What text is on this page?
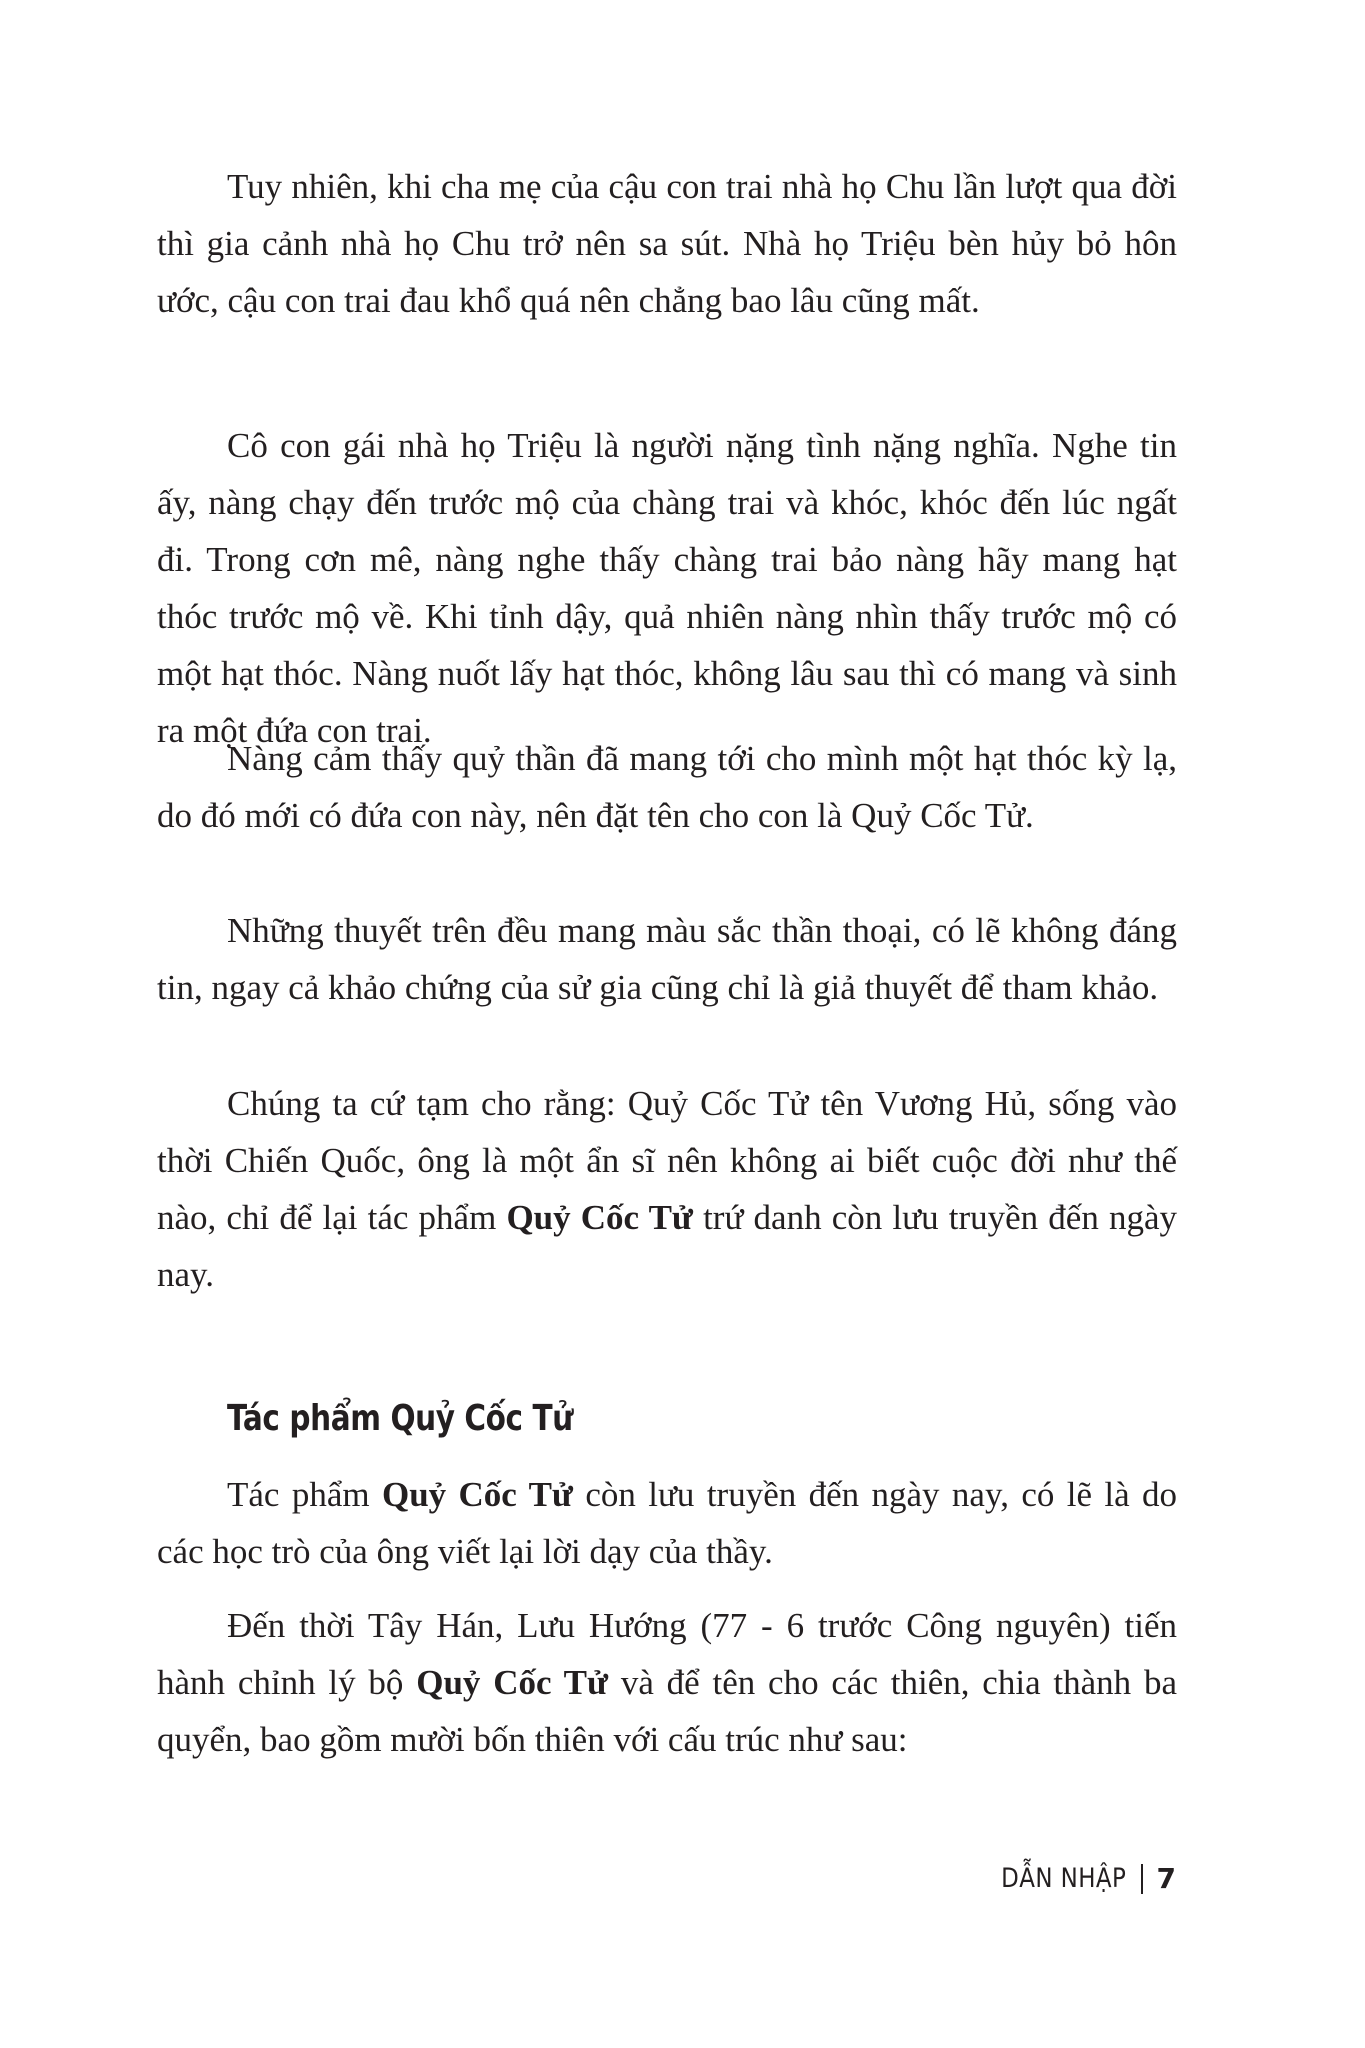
Tuy nhiên, khi cha mẹ của cậu con trai nhà họ Chu lần lượt qua đời thì gia cảnh nhà họ Chu trở nên sa sút. Nhà họ Triệu bèn hủy bỏ hôn ước, cậu con trai đau khổ quá nên chẳng bao lâu cũng mất.

Cô con gái nhà họ Triệu là người nặng tình nặng nghĩa. Nghe tin ấy, nàng chạy đến trước mộ của chàng trai và khóc, khóc đến lúc ngất đi. Trong cơn mê, nàng nghe thấy chàng trai bảo nàng hãy mang hạt thóc trước mộ về. Khi tỉnh dậy, quả nhiên nàng nhìn thấy trước mộ có một hạt thóc. Nàng nuốt lấy hạt thóc, không lâu sau thì có mang và sinh ra một đứa con trai.

Nàng cảm thấy quỷ thần đã mang tới cho mình một hạt thóc kỳ lạ, do đó mới có đứa con này, nên đặt tên cho con là Quỷ Cốc Tử.

Những thuyết trên đều mang màu sắc thần thoại, có lẽ không đáng tin, ngay cả khảo chứng của sử gia cũng chỉ là giả thuyết để tham khảo.

Chúng ta cứ tạm cho rằng: Quỷ Cốc Tử tên Vương Hủ, sống vào thời Chiến Quốc, ông là một ẩn sĩ nên không ai biết cuộc đời như thế nào, chỉ để lại tác phẩm Quỷ Cốc Tử trứ danh còn lưu truyền đến ngày nay.

Tác phẩm Quỷ Cốc Tử

Tác phẩm Quỷ Cốc Tử còn lưu truyền đến ngày nay, có lẽ là do các học trò của ông viết lại lời dạy của thầy.

Đến thời Tây Hán, Lưu Hướng (77 - 6 trước Công nguyên) tiến hành chỉnh lý bộ Quỷ Cốc Tử và để tên cho các thiên, chia thành ba quyển, bao gồm mười bốn thiên với cấu trúc như sau:

DẪN NHẬP 7
